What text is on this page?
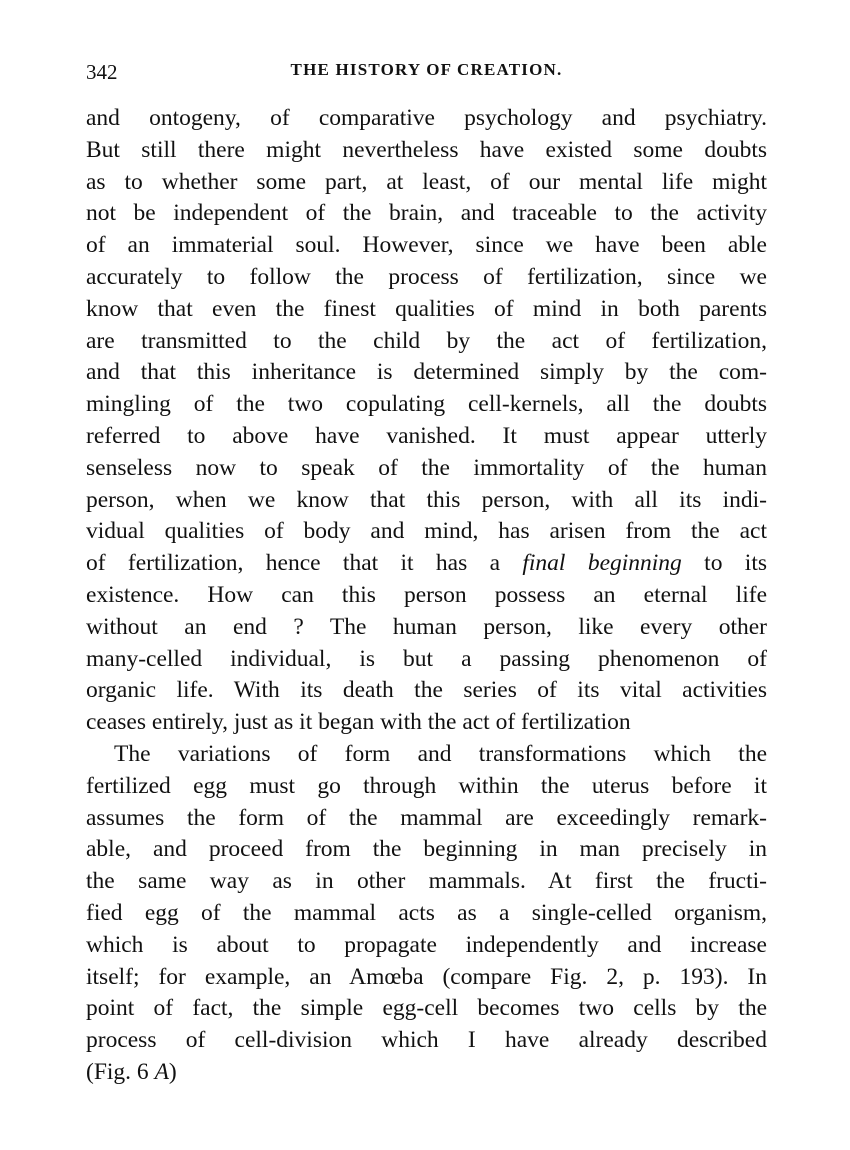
342	THE HISTORY OF CREATION.
and ontogeny, of comparative psychology and psychiatry.
But still there might nevertheless have existed some doubts
as to whether some part, at least, of our mental life might
not be independent of the brain, and traceable to the activity
of an immaterial soul. However, since we have been able
accurately to follow the process of fertilization, since we
know that even the finest qualities of mind in both parents
are transmitted to the child by the act of fertilization,
and that this inheritance is determined simply by the com-
mingling of the two copulating cell-kernels, all the doubts
referred to above have vanished. It must appear utterly
senseless now to speak of the immortality of the human
person, when we know that this person, with all its indi-
vidual qualities of body and mind, has arisen from the act
of fertilization, hence that it has a final beginning to its
existence. How can this person possess an eternal life
without an end ? The human person, like every other
many-celled individual, is but a passing phenomenon of
organic life. With its death the series of its vital activities
ceases entirely, just as it began with the act of fertilization
The variations of form and transformations which the
fertilized egg must go through within the uterus before it
assumes the form of the mammal are exceedingly remark-
able, and proceed from the beginning in man precisely in
the same way as in other mammals. At first the fructi-
fied egg of the mammal acts as a single-celled organism,
which is about to propagate independently and increase
itself; for example, an Amœba (compare Fig. 2, p. 193). In
point of fact, the simple egg-cell becomes two cells by the
process of cell-division which I have already described
(Fig. 6 A)
